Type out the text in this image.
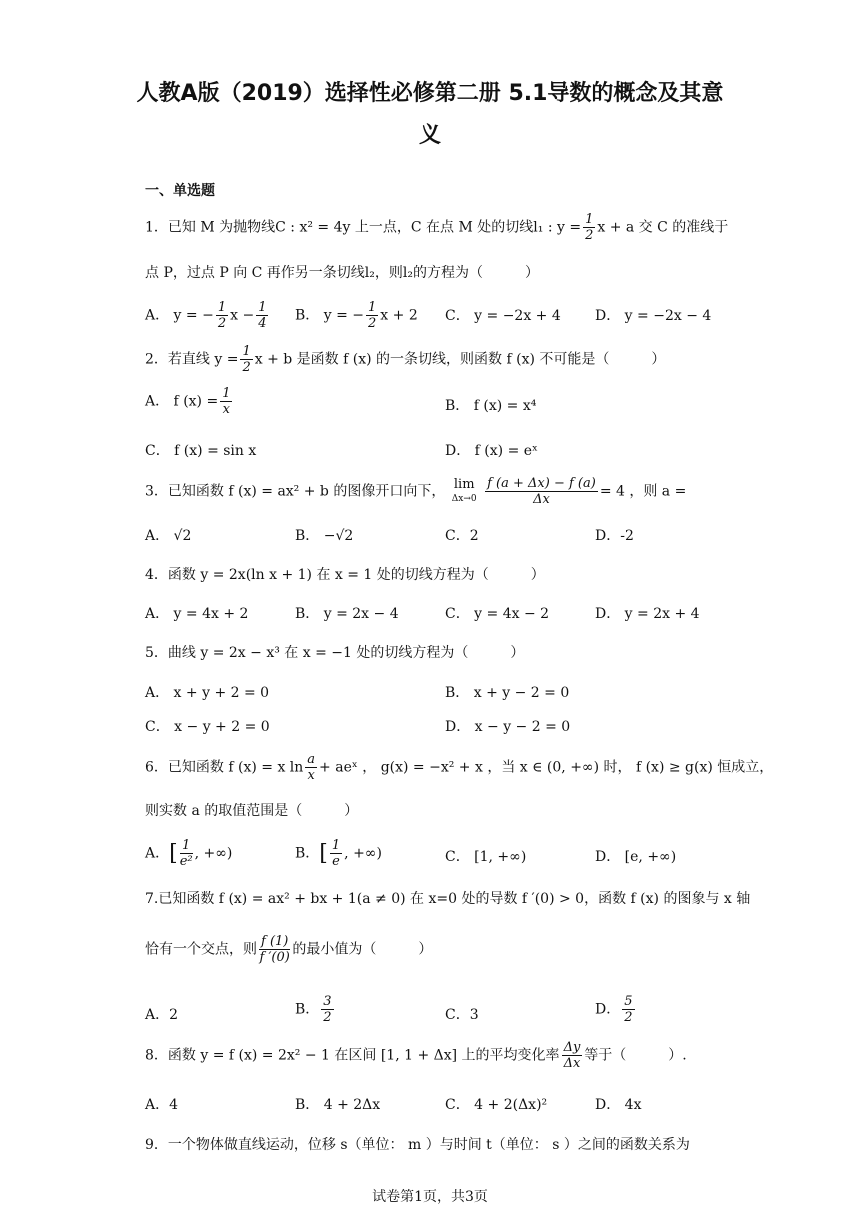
人教A版（2019）选择性必修第二册 5.1导数的概念及其意
义
一、单选题
1．已知 M 为抛物线C : x² = 4y 上一点，C 在点 M 处的切线l₁ : $y = \frac{1}{2}$ x + a 交 C 的准线于
点 P，过点 P 向 C 再作另一条切线l₂，则l₂的方程为（　　　）
A． y = − $\frac{1}{2}$ $x - \frac{1}{4}$ B． y = − $\frac{1}{2}$ x + 2 C． y = −2x + 4 D． y = −2x − 4
2．若直线 $y = \frac{1}{2}$ x + b 是函数 f (x) 的一条切线，则函数 f (x) 不可能是（　　　）
A． f $(x) = \frac{1}{x}$	B． f (x) = x⁴
C． f (x) = sin x	D． f (x) = eˣ
3．已知函数 f (x) = ax² + b 的图像开口向下， lim
Δx→0
$\frac{f (a + \Delta x) - f (a)}{\Delta x} = 4$ ，则 a =
A． √2	B． −√2	C．2	D．-2
4．函数 y = 2x(ln x + 1) 在 x = 1 处的切线方程为（　　　）
A． y = 4x + 2	B． y = 2x − 4	C． y = 4x − 2	D． y = 2x + 4
5．曲线 y = 2x − x³ 在 x = −1 处的切线方程为（　　　）
A． x + y + 2 = 0	B． x + y − 2 = 0
C． x − y + 2 = 0	D． x − y − 2 = 0
6．已知函数 f (x) = x $\ln \frac{a}{x}$ + aeˣ ， g(x) = −x² + x ，当 x ∈ (0, +∞) 时， f (x) ≥ g(x) 恒成立，
则实数 a 的取值范围是（　　　）
A．[ $\frac{1}{\text{e²}}$ , +∞)	B．[ $\frac{1}{e}$ , +∞)	C． [1, +∞)	D． [e, +∞)
7.已知函数 f (x) = ax² + bx + 1(a ≠ 0) 在 x=0 处的导数 f ′(0) > 0，函数 f (x) 的图象与 x 轴
恰有一个交点，则 $\frac{f (1)}{f '(0)}$ 的最小值为（　　　）
A．2	B． $\frac{3}{2}$	C．3	D． $\frac{5}{2}$
8．函数 y = f (x) = 2x² − 1 在区间 [1, 1 + Δx] 上的平均变化率 $\frac{\Delta y}{\Delta x}$ 等于（　　　）.
A．4	B． 4 + 2Δx	C． 4 + 2(Δx)²	D． 4x
9．一个物体做直线运动，位移 s（单位： m ）与时间 t（单位： s ）之间的函数关系为
试卷第1页，共3页
